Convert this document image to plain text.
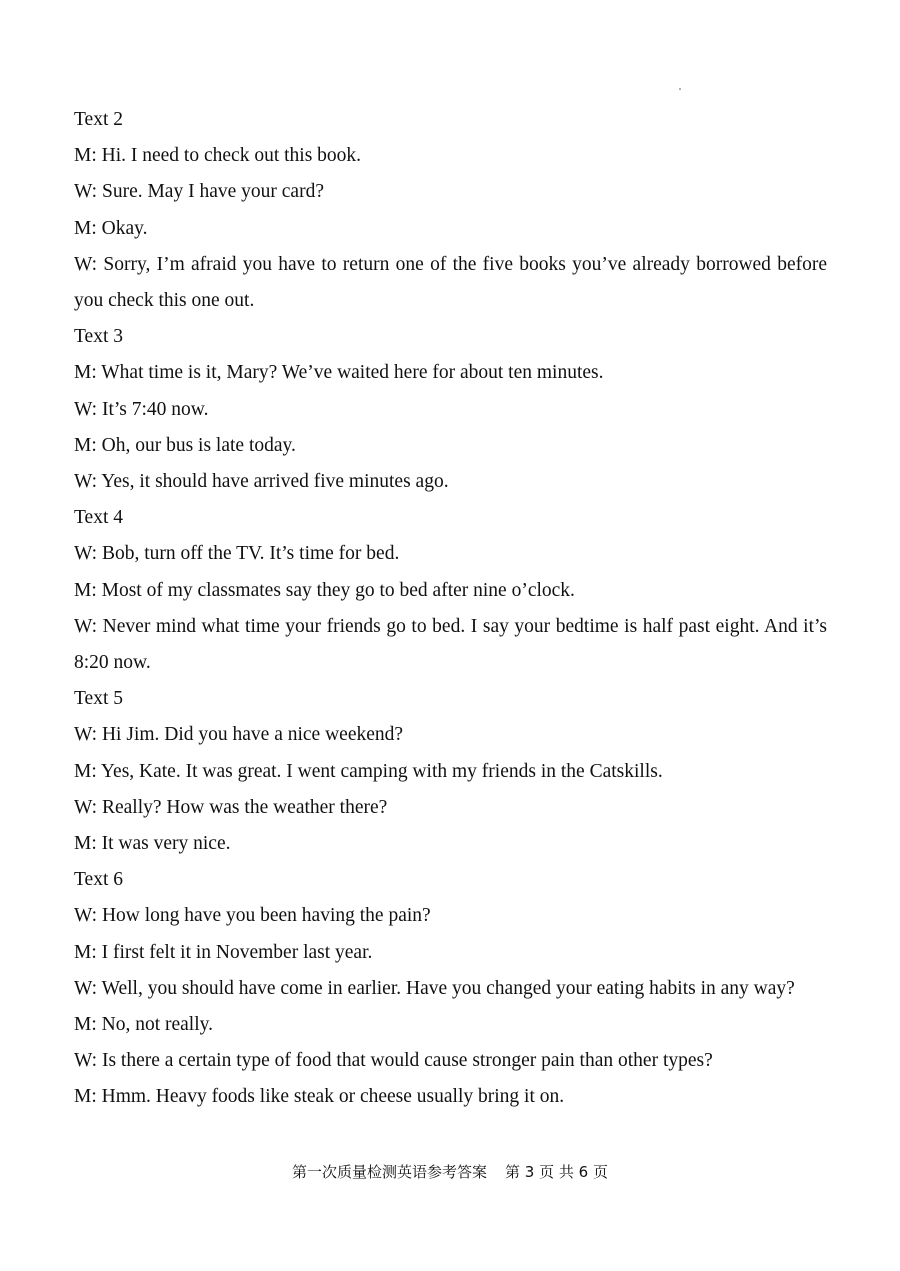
Text 2
M: Hi. I need to check out this book.
W: Sure. May I have your card?
M: Okay.
W: Sorry, I’m afraid you have to return one of the five books you’ve already borrowed before you check this one out.
Text 3
M: What time is it, Mary? We’ve waited here for about ten minutes.
W: It’s 7:40 now.
M: Oh, our bus is late today.
W: Yes, it should have arrived five minutes ago.
Text 4
W: Bob, turn off the TV. It’s time for bed.
M: Most of my classmates say they go to bed after nine o’clock.
W: Never mind what time your friends go to bed. I say your bedtime is half past eight. And it’s 8:20 now.
Text 5
W: Hi Jim. Did you have a nice weekend?
M: Yes, Kate. It was great. I went camping with my friends in the Catskills.
W: Really? How was the weather there?
M: It was very nice.
Text 6
W: How long have you been having the pain?
M: I first felt it in November last year.
W: Well, you should have come in earlier. Have you changed your eating habits in any way?
M: No, not really.
W: Is there a certain type of food that would cause stronger pain than other types?
M: Hmm. Heavy foods like steak or cheese usually bring it on.
第一次质量检测英语参考答案 第 3 页 共 6 页
